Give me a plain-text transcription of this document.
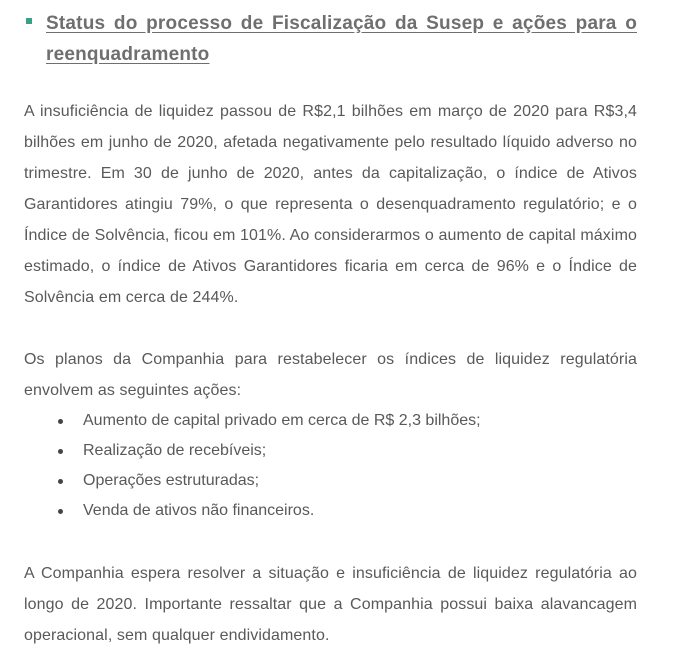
Status do processo de Fiscalização da Susep e ações para o reenquadramento

A insuficiência de liquidez passou de R$2,1 bilhões em março de 2020 para R$3,4 bilhões em junho de 2020, afetada negativamente pelo resultado líquido adverso no trimestre. Em 30 de junho de 2020, antes da capitalização, o índice de Ativos Garantidores atingiu 79%, o que representa o desenquadramento regulatório; e o Índice de Solvência, ficou em 101%. Ao considerarmos o aumento de capital máximo estimado, o índice de Ativos Garantidores ficaria em cerca de 96% e o Índice de Solvência em cerca de 244%.

Os planos da Companhia para restabelecer os índices de liquidez regulatória envolvem as seguintes ações:

Aumento de capital privado em cerca de R$ 2,3 bilhões;
Realização de recebíveis;
Operações estruturadas;
Venda de ativos não financeiros.

A Companhia espera resolver a situação e insuficiência de liquidez regulatória ao longo de 2020. Importante ressaltar que a Companhia possui baixa alavancagem operacional, sem qualquer endividamento.
